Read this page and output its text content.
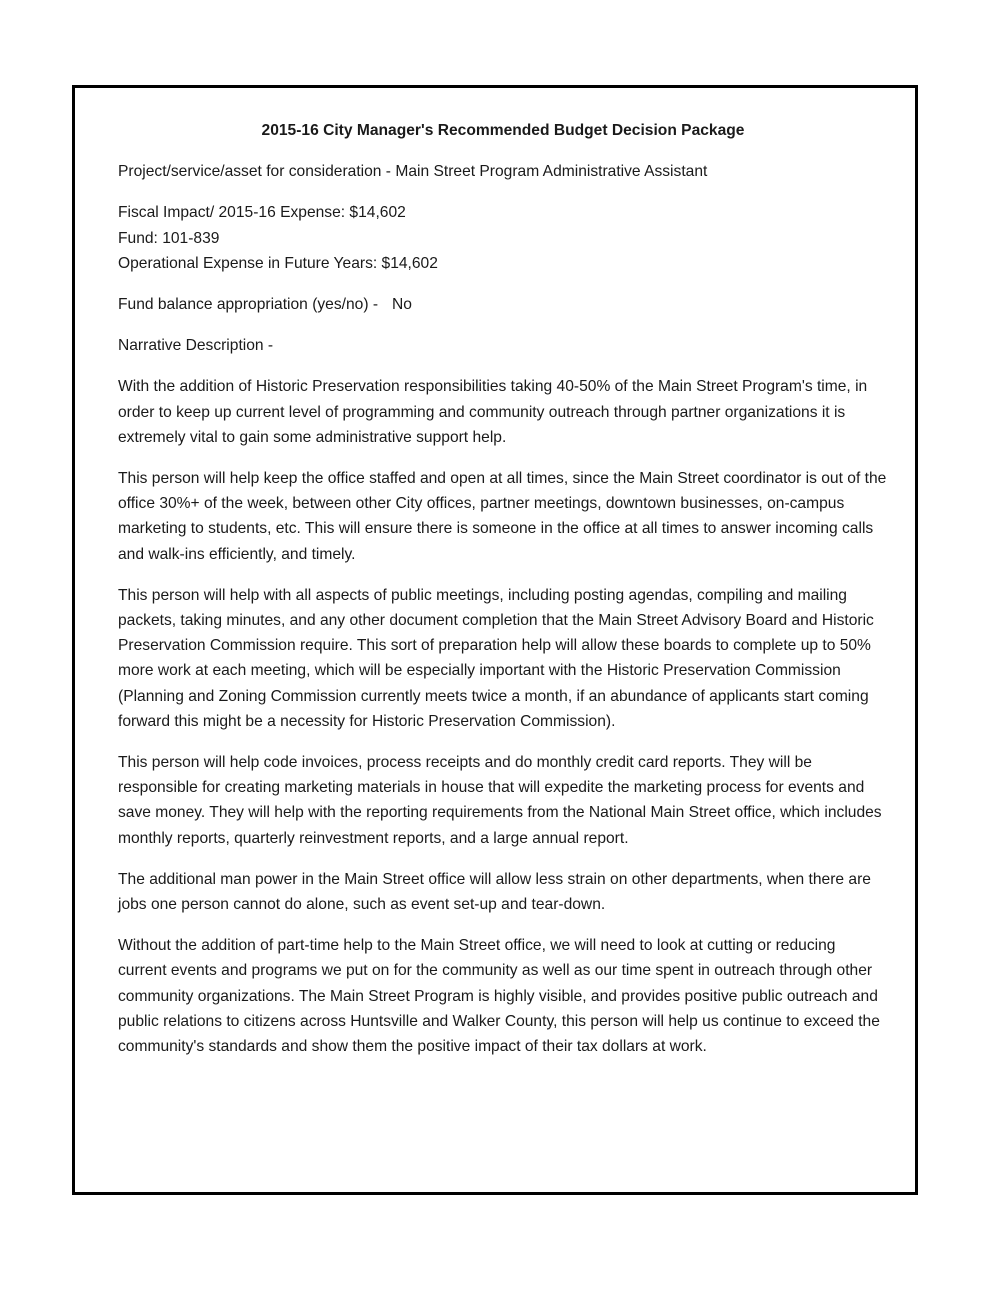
2015-16 City Manager's Recommended Budget Decision Package
Project/service/asset for consideration - Main Street Program Administrative Assistant
Fiscal Impact/ 2015-16 Expense: $14,602
Fund: 101-839
Operational Expense in Future Years: $14,602
Fund balance appropriation (yes/no) - No
Narrative Description -

With the addition of Historic Preservation responsibilities taking 40-50% of the Main Street Program's time, in order to keep up current level of programming and community outreach through partner organizations it is extremely vital to gain some administrative support help.

This person will help keep the office staffed and open at all times, since the Main Street coordinator is out of the office 30%+ of the week, between other City offices, partner meetings, downtown businesses, on-campus marketing to students, etc. This will ensure there is someone in the office at all times to answer incoming calls and walk-ins efficiently, and timely.

This person will help with all aspects of public meetings, including posting agendas, compiling and mailing packets, taking minutes, and any other document completion that the Main Street Advisory Board and Historic Preservation Commission require. This sort of preparation help will allow these boards to complete up to 50% more work at each meeting, which will be especially important with the Historic Preservation Commission (Planning and Zoning Commission currently meets twice a month, if an abundance of applicants start coming forward this might be a necessity for Historic Preservation Commission).

This person will help code invoices, process receipts and do monthly credit card reports. They will be responsible for creating marketing materials in house that will expedite the marketing process for events and save money. They will help with the reporting requirements from the National Main Street office, which includes monthly reports, quarterly reinvestment reports, and a large annual report.

The additional man power in the Main Street office will allow less strain on other departments, when there are jobs one person cannot do alone, such as event set-up and tear-down.

Without the addition of part-time help to the Main Street office, we will need to look at cutting or reducing current events and programs we put on for the community as well as our time spent in outreach through other community organizations. The Main Street Program is highly visible, and provides positive public outreach and public relations to citizens across Huntsville and Walker County, this person will help us continue to exceed the community's standards and show them the positive impact of their tax dollars at work.
